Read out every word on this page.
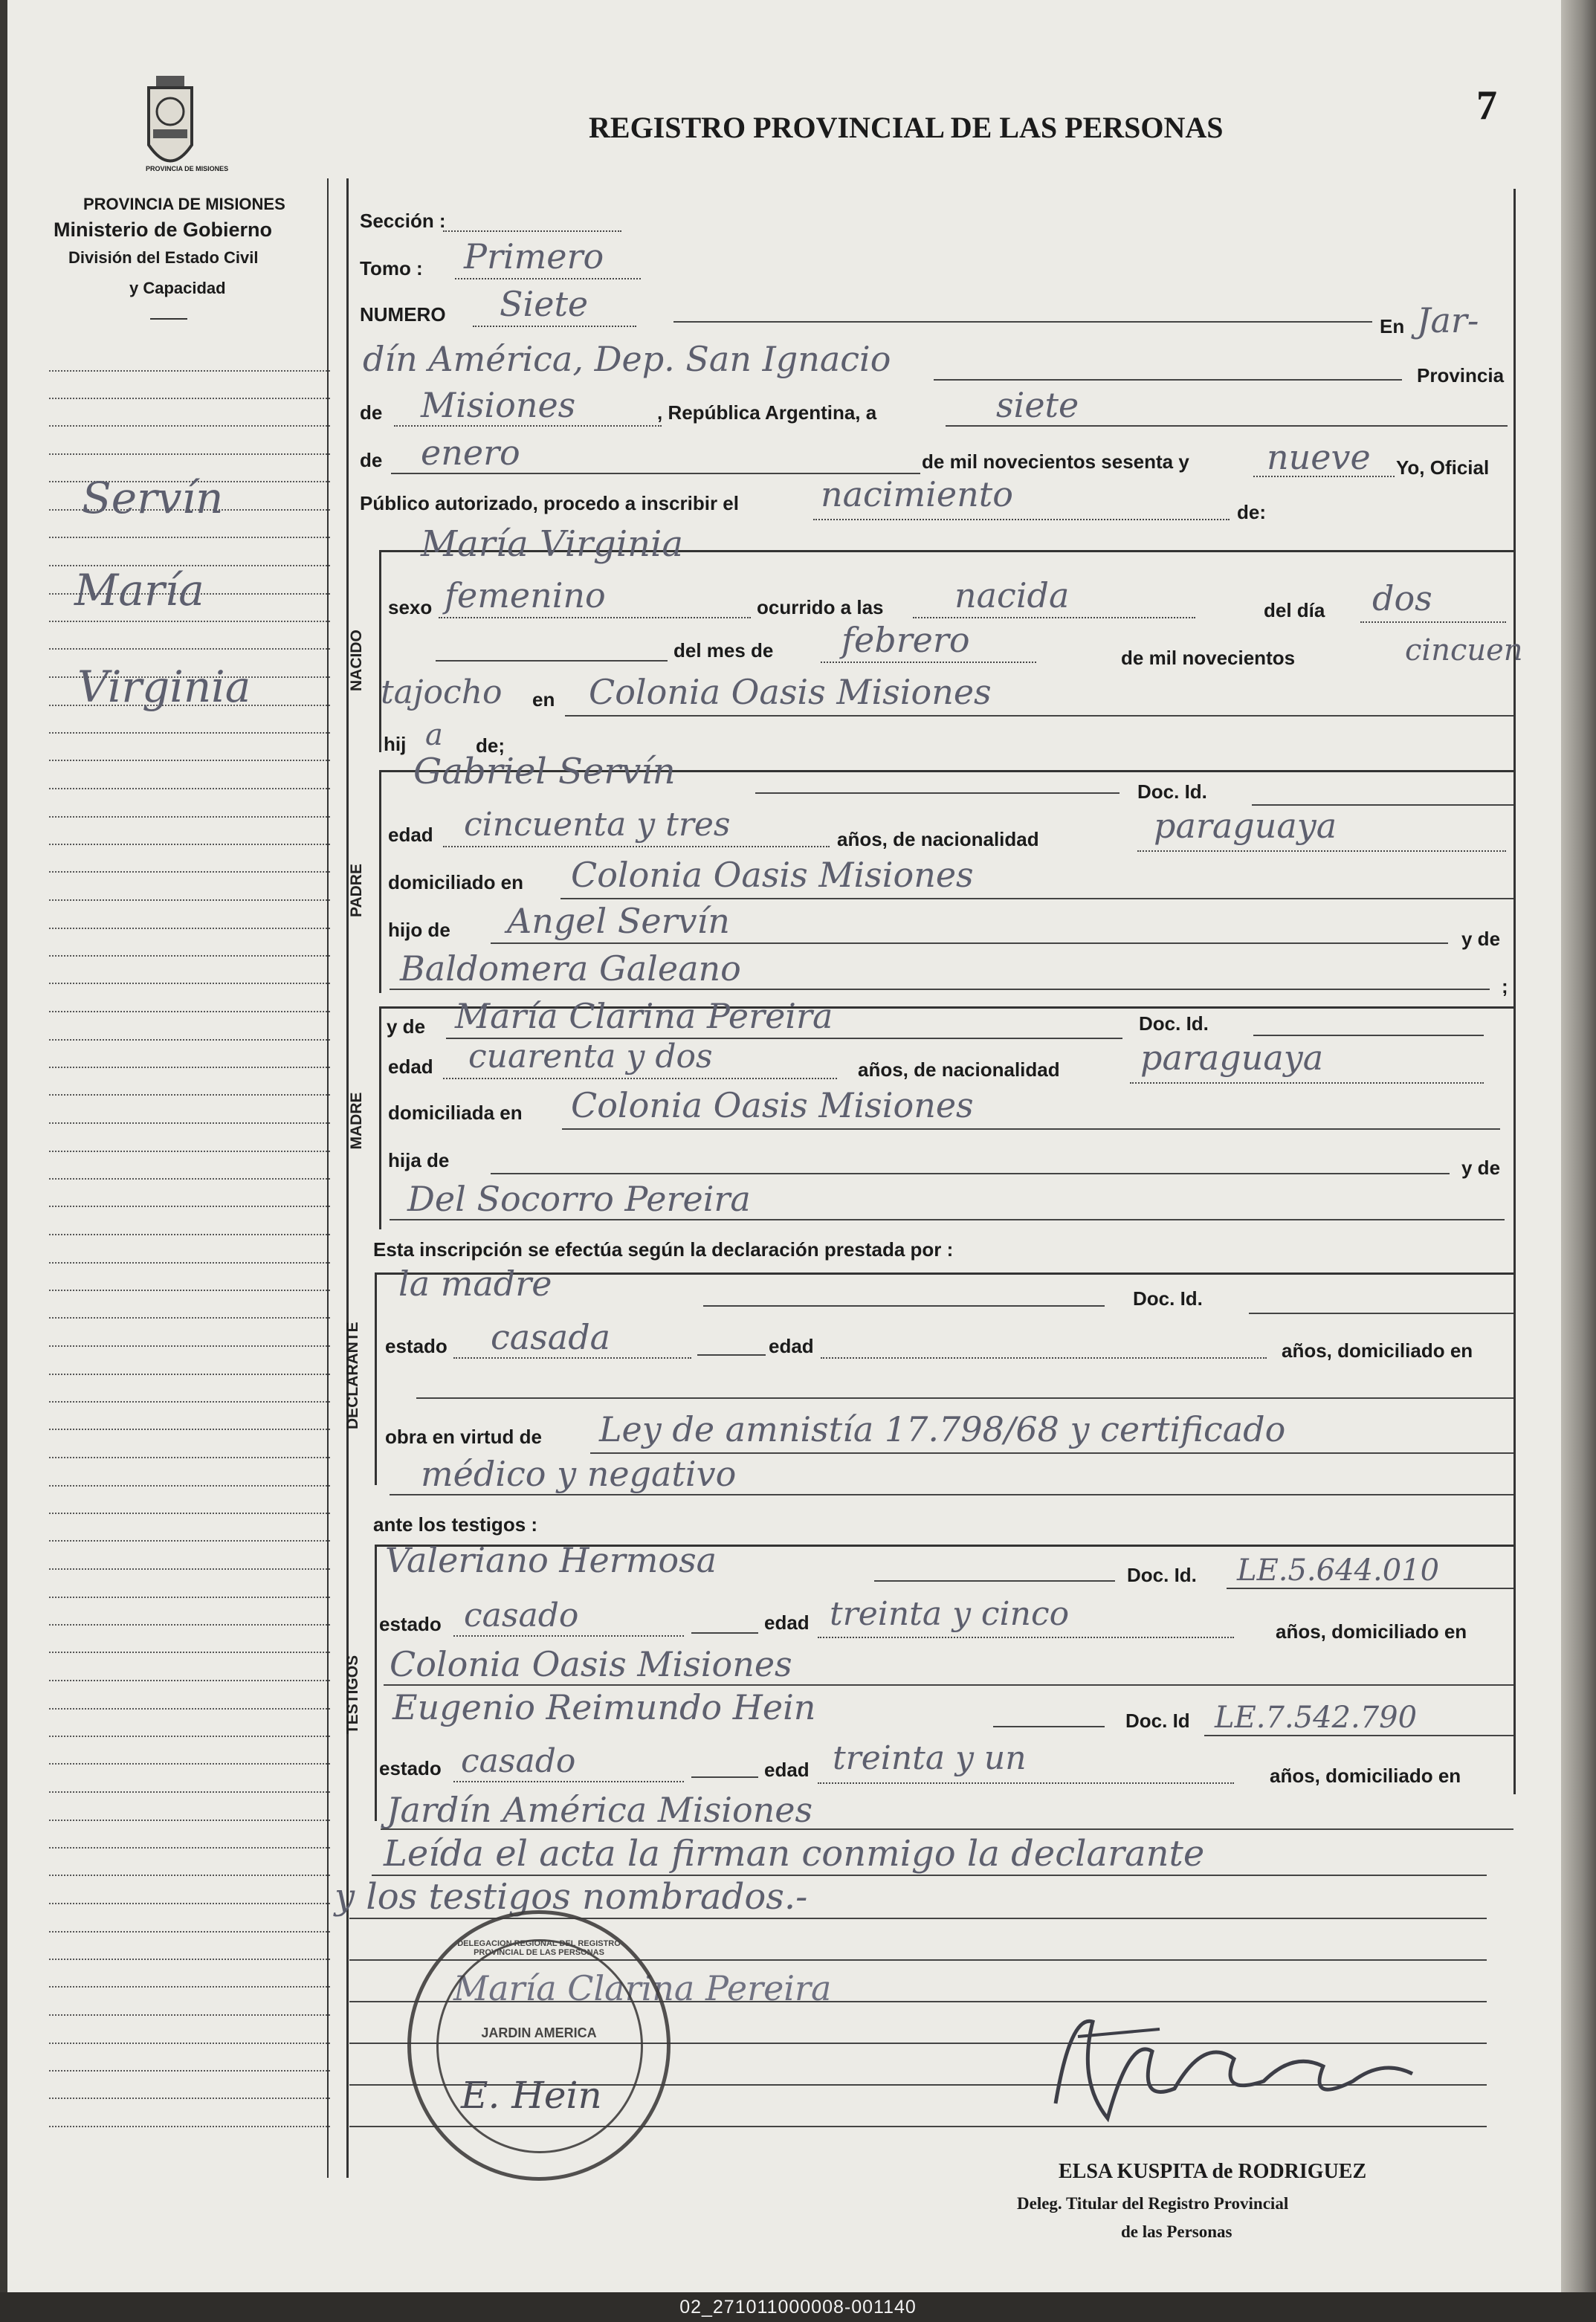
PROVINCIA DE MISIONES
PROVINCIA DE MISIONES
Ministerio de Gobierno
División del Estado Civil
y Capacidad
REGISTRO PROVINCIAL DE LAS PERSONAS	7
Servín
María
Virginia
Sección :
Tomo : Primero
NUMERO Siete
En Jar-
dín América, Dep. San Ignacio	Provincia
de Misiones	, República Argentina, a	siete
de enero	de mil novecientos sesenta y nueve Yo, Oficial
Público autorizado, procedo a inscribir el nacimiento	de:
NACIDO
María Virginia
sexo femenino	ocurrido a las nacida	del día dos
del mes de febrero	de mil novecientos	cincuen
tajocho en Colonia Oasis Misiones
hij a de;
PADRE
Gabriel Servín	Doc. Id.
edad cincuenta y tres	años, de nacionalidad	paraguaya
domiciliado en Colonia Oasis Misiones
hijo de Angel Servín	y de
Baldomera Galeano	;
MADRE
y de María Clarina Pereira	Doc. Id.
edad cuarenta y dos	años, de nacionalidad paraguaya
domiciliada en Colonia Oasis Misiones
hija de	y de
Del Socorro Pereira
Esta inscripción se efectúa según la declaración prestada por :
DECLARANTE
la madre	Doc. Id.
estado casada	edad	años, domiciliado en
obra en virtud de Ley de amnistía 17.798/68 y certificado
médico y negativo
ante los testigos :
TESTIGOS
Valeriano Hermosa	Doc. Id. LE.5.644.010
estado casado	edad treinta y cinco	años, domiciliado en
Colonia Oasis Misiones
Eugenio Reimundo Hein	Doc. Id LE.7.542.790
estado casado	edad treinta y un	años, domiciliado en
Jardín América Misiones
Leída el acta la firman conmigo la declarante
y los testigos nombrados.-
María Clarina Pereira
E. Hein
DELEGACION REGIONAL DEL REGISTRO PROVINCIAL DE LAS PERSONAS
JARDIN AMERICA
ELSA KUSPITA de RODRIGUEZ
Deleg. Titular del Registro Provincial
de las Personas
02_271011000008-001140
